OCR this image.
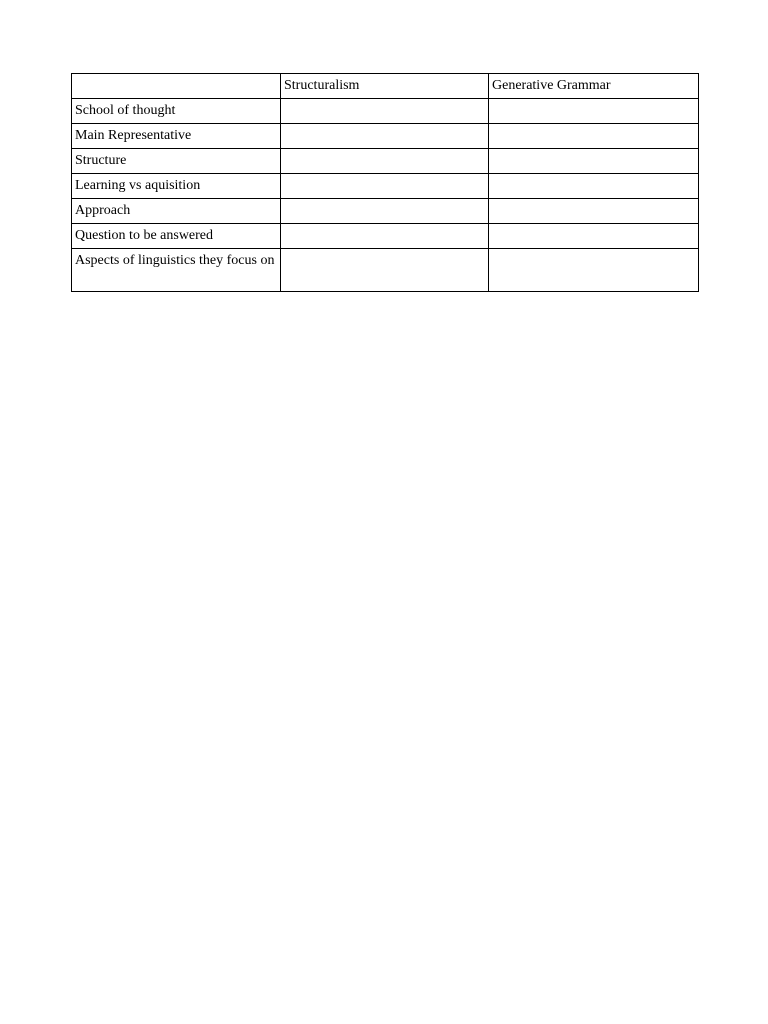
	Structuralism	Generative Grammar
School of thought		
Main Representative		
Structure		
Learning vs aquisition		
Approach		
Question to be answered		
Aspects of linguistics they focus on		
